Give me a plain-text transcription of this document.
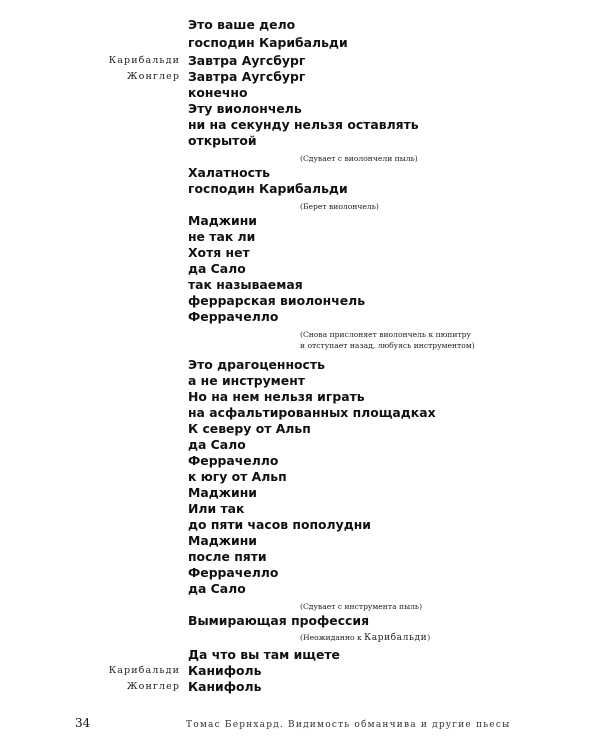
Это ваше дело
господин Карибальди
Карибальди Завтра Аугсбург
Жонглер Завтра Аугсбург
конечно
Эту виолончель
ни на секунду нельзя оставлять
открытой
(Сдувает с виолончели пыль)
Халатность
господин Карибальди
(Берет виолончель)
Маджини
не так ли
Хотя нет
да Сало
так называемая
феррарская виолончель
Феррачелло
(Снова прислоняет виолончель к пюпитру
и отступает назад, любуясь инструментом)
Это драгоценность
а не инструмент
Но на нем нельзя играть
на асфальтированных площадках
К северу от Альп
да Сало
Феррачелло
к югу от Альп
Маджини
Или так
до пяти часов пополудни
Маджини
после пяти
Феррачелло
да Сало
(Сдувает с инструмента пыль)
Вымирающая профессия
(Неожиданно к Карибальди)
Да что вы там ищете
Карибальди Канифоль
Жонглер Канифоль
34	Томас Бернхард. Видимость обманчива и другие пьесы
